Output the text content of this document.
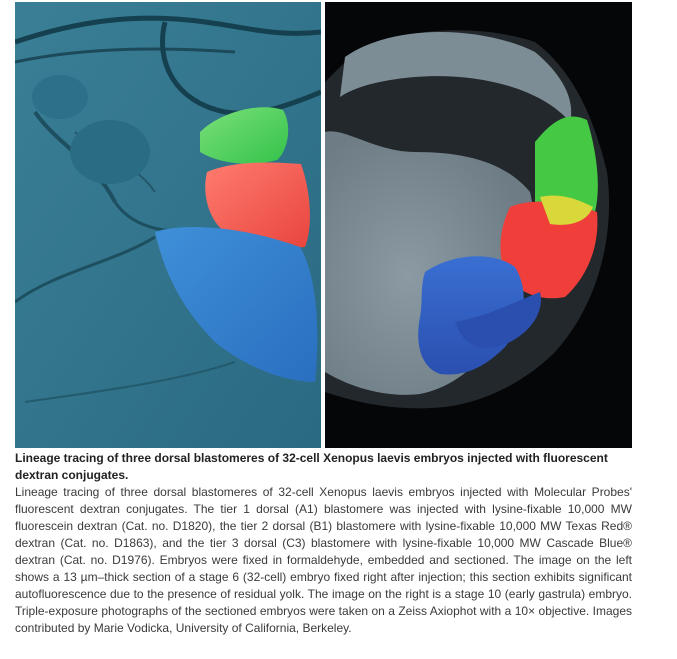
Lineage tracing of three dorsal blastomeres of 32-cell Xenopus laevis embryos injected with fluorescent dextran conjugates.

Lineage tracing of three dorsal blastomeres of 32-cell Xenopus laevis embryos injected with Molecular Probes' fluorescent dextran conjugates. The tier 1 dorsal (A1) blastomere was injected with lysine-fixable 10,000 MW fluorescein dextran (Cat. no. D1820), the tier 2 dorsal (B1) blastomere with lysine-fixable 10,000 MW Texas Red® dextran (Cat. no. D1863), and the tier 3 dorsal (C3) blastomere with lysine-fixable 10,000 MW Cascade Blue® dextran (Cat. no. D1976). Embryos were fixed in formaldehyde, embedded and sectioned. The image on the left shows a 13 µm–thick section of a stage 6 (32-cell) embryo fixed right after injection; this section exhibits significant autofluorescence due to the presence of residual yolk. The image on the right is a stage 10 (early gastrula) embryo. Triple-exposure photographs of the sectioned embryos were taken on a Zeiss Axiophot with a 10× objective. Images contributed by Marie Vodicka, University of California, Berkeley.
